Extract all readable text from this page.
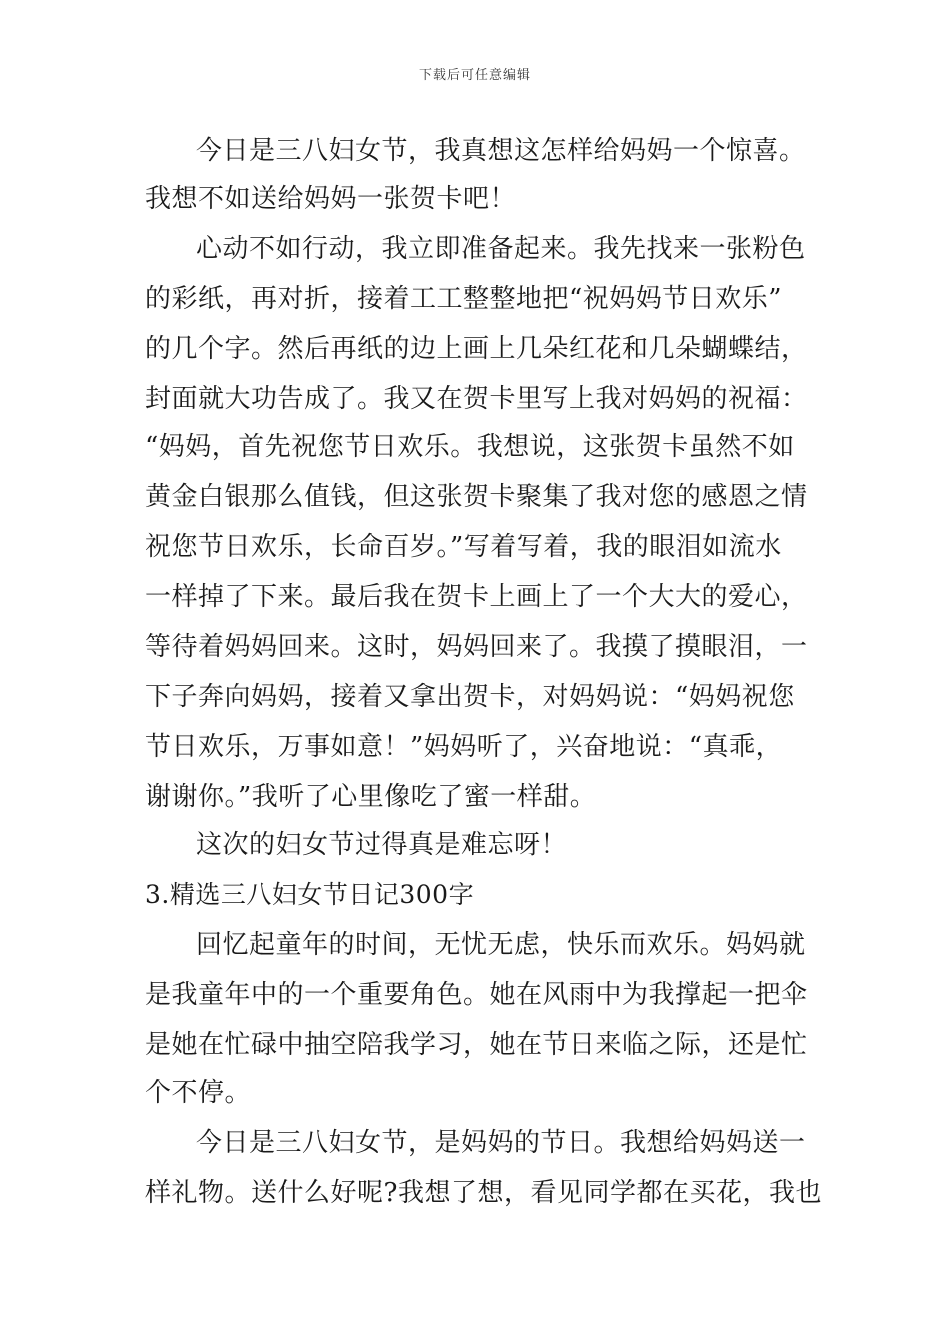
下载后可任意编辑
今日是三八妇女节，我真想这怎样给妈妈一个惊喜。
我想不如送给妈妈一张贺卡吧！
心动不如行动，我立即准备起来。我先找来一张粉色
的彩纸，再对折，接着工工整整地把“祝妈妈节日欢乐”
的几个字。然后再纸的边上画上几朵红花和几朵蝴蝶结，
封面就大功告成了。我又在贺卡里写上我对妈妈的祝福：
“妈妈，首先祝您节日欢乐。我想说，这张贺卡虽然不如
黄金白银那么值钱，但这张贺卡聚集了我对您的感恩之情
祝您节日欢乐，长命百岁。”写着写着，我的眼泪如流水
一样掉了下来。最后我在贺卡上画上了一个大大的爱心，
等待着妈妈回来。这时，妈妈回来了。我摸了摸眼泪，一
下子奔向妈妈，接着又拿出贺卡，对妈妈说：“妈妈祝您
节日欢乐，万事如意！”妈妈听了，兴奋地说：“真乖，
谢谢你。”我听了心里像吃了蜜一样甜。
这次的妇女节过得真是难忘呀！
3.精选三八妇女节日记300字
回忆起童年的时间，无忧无虑，快乐而欢乐。妈妈就
是我童年中的一个重要角色。她在风雨中为我撑起一把伞
是她在忙碌中抽空陪我学习，她在节日来临之际，还是忙
个不停。
今日是三八妇女节，是妈妈的节日。我想给妈妈送一
样礼物。送什么好呢?我想了想，看见同学都在买花，我也
